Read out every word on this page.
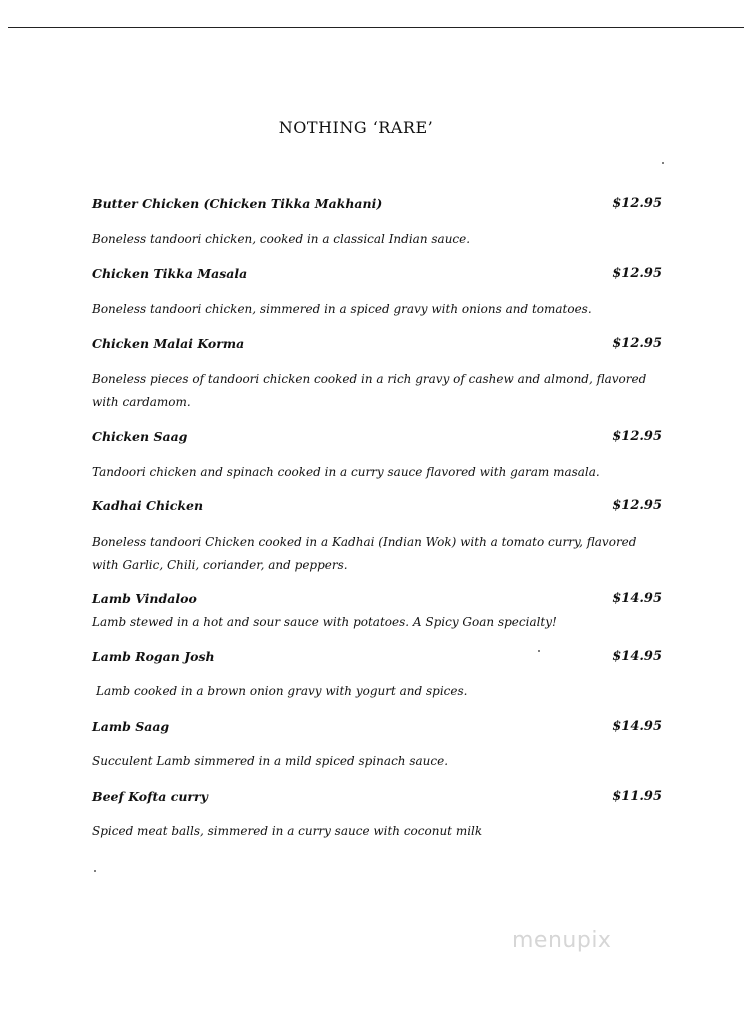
NOTHING ‘RARE’
Butter Chicken (Chicken Tikka Makhani)	$12.95
Boneless tandoori chicken, cooked in a classical Indian sauce.
Chicken Tikka Masala	$12.95
Boneless tandoori chicken, simmered in a spiced gravy with onions and tomatoes.
Chicken Malai Korma	$12.95
Boneless pieces of tandoori chicken cooked in a rich gravy of cashew and almond, flavored with cardamom.
Chicken Saag	$12.95
Tandoori chicken and spinach cooked in a curry sauce flavored with garam masala.
Kadhai Chicken	$12.95
Boneless tandoori Chicken cooked in a Kadhai (Indian Wok) with a tomato curry, flavored with Garlic, Chili, coriander, and peppers.
Lamb Vindaloo	$14.95
Lamb stewed in a hot and sour sauce with potatoes. A Spicy Goan specialty!
Lamb Rogan Josh	$14.95
Lamb cooked in a brown onion gravy with yogurt and spices.
Lamb Saag	$14.95
Succulent Lamb simmered in a mild spiced spinach sauce.
Beef Kofta curry	$11.95
Spiced meat balls, simmered in a curry sauce with coconut milk
menupix
